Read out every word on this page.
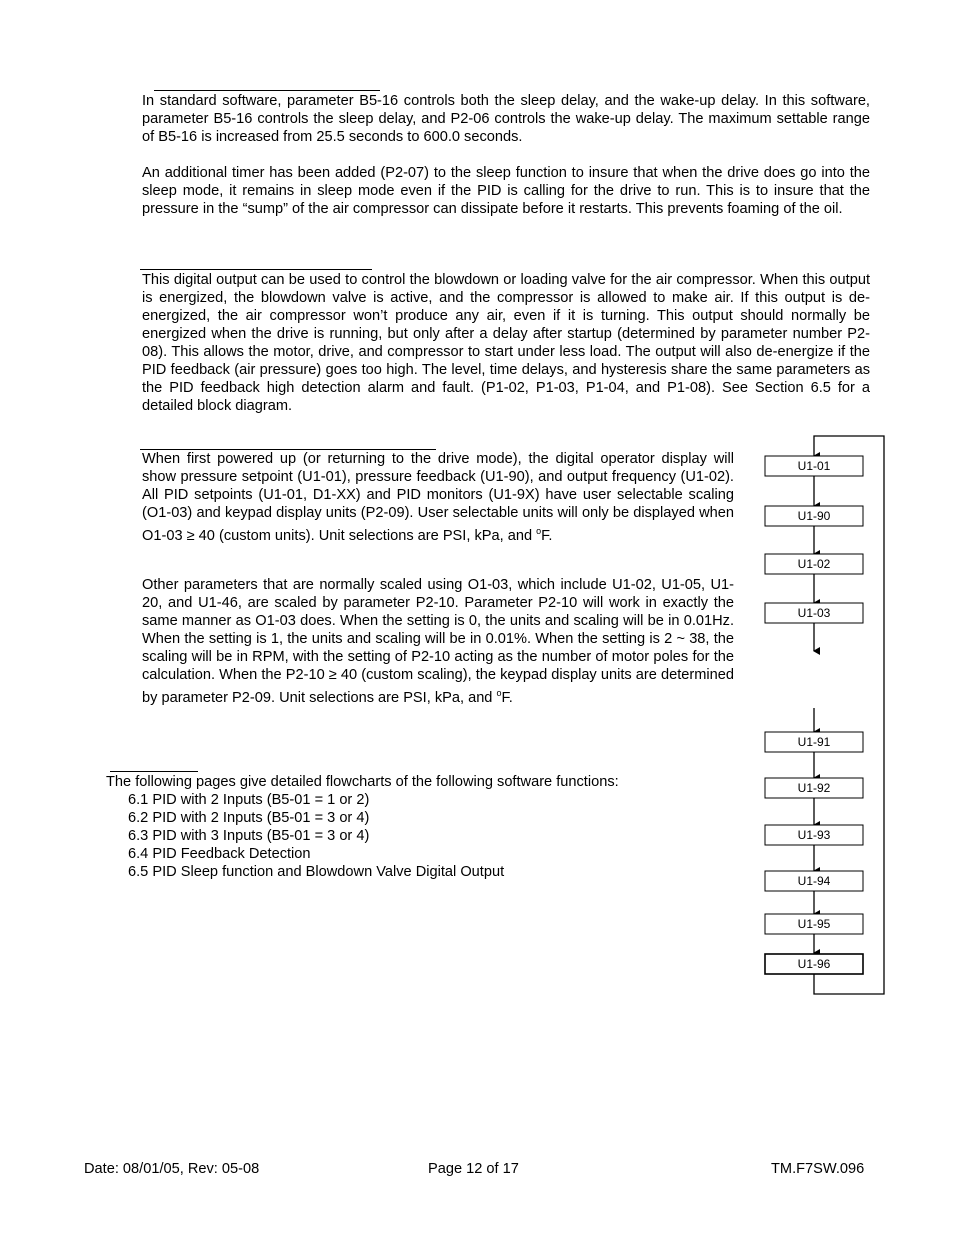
In standard software, parameter B5-16 controls both the sleep delay, and the wake-up delay. In this software, parameter B5-16 controls the sleep delay, and P2-06 controls the wake-up delay. The maximum settable range of B5-16 is increased from 25.5 seconds to 600.0 seconds.

An additional timer has been added (P2-07) to the sleep function to insure that when the drive does go into the sleep mode, it remains in sleep mode even if the PID is calling for the drive to run. This is to insure that the pressure in the “sump” of the air compressor can dissipate before it restarts. This prevents foaming of the oil.

This digital output can be used to control the blowdown or loading valve for the air compressor. When this output is energized, the blowdown valve is active, and the compressor is allowed to make air. If this output is de-energized, the air compressor won’t produce any air, even if it is turning. This output should normally be energized when the drive is running, but only after a delay after startup (determined by parameter number P2-08). This allows the motor, drive, and compressor to start under less load. The output will also de-energize if the PID feedback (air pressure) goes too high. The level, time delays, and hysteresis share the same parameters as the PID feedback high detection alarm and fault. (P1-02, P1-03, P1-04, and P1-08). See Section 6.5 for a detailed block diagram.

When first powered up (or returning to the drive mode), the digital operator display will show pressure setpoint (U1-01), pressure feedback (U1-90), and output frequency (U1-02). All PID setpoints (U1-01, D1-XX) and PID monitors (U1-9X) have user selectable scaling (O1-03) and keypad display units (P2-09). User selectable units will only be displayed when O1-03 ≥ 40 (custom units). Unit selections are PSI, kPa, and $^o$F.

Other parameters that are normally scaled using O1-03, which include U1-02, U1-05, U1-20, and U1-46, are scaled by parameter P2-10. Parameter P2-10 will work in exactly the same manner as O1-03 does. When the setting is 0, the units and scaling will be in 0.01Hz. When the setting is 1, the units and scaling will be in 0.01%. When the setting is 2 ~ 38, the scaling will be in RPM, with the setting of P2-10 acting as the number of motor poles for the calculation. When the P2-10 ≥ 40 (custom scaling), the keypad display units are determined by parameter P2-09. Unit selections are PSI, kPa, and $^o$F.

The following pages give detailed flowcharts of the following software functions:

6.1 PID with 2 Inputs (B5-01 = 1 or 2)
6.2 PID with 2 Inputs (B5-01 = 3 or 4)
6.3 PID with 3 Inputs (B5-01 = 3 or 4)
6.4 PID Feedback Detection
6.5 PID Sleep function and Blowdown Valve Digital Output
U1-01
U1-90
U1-02
U1-03
U1-91
U1-92
U1-93
U1-94
U1-95
U1-96
Date: 08/01/05, Rev: 05-08	Page 12 of 17	TM.F7SW.096
